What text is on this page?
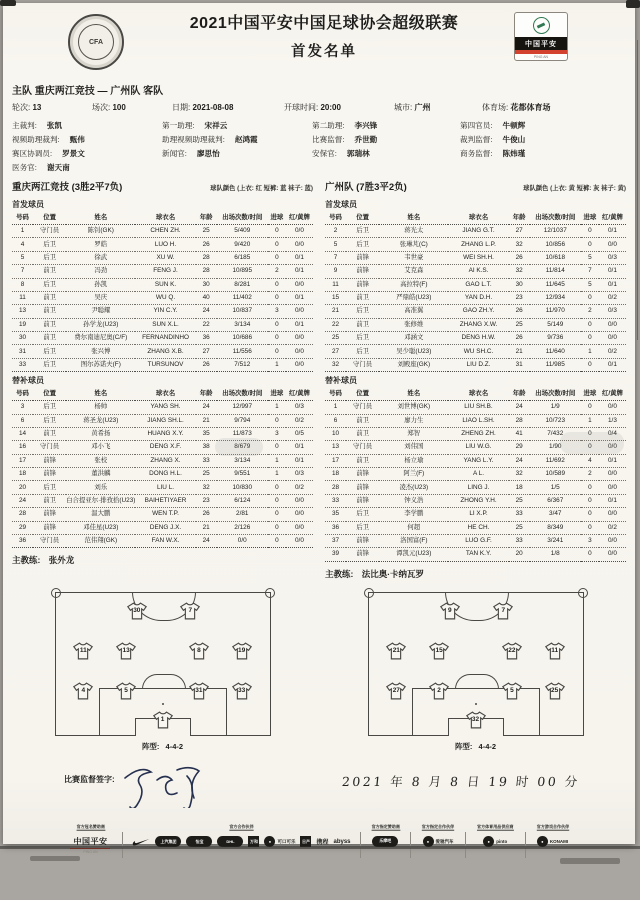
CFA
2021中国平安中国足球协会超级联赛
首发名单	中国平安
PING AN
主队 重庆两江竞技 — 广州队 客队
轮次: 13	场次: 100	日期: 2021-08-08	开球时间: 20:00	城市: 广州	体育场: 花都体育场
主裁判: 张凯
视频助理裁判: 甄伟
赛区协调员: 罗景文
医务官: 谢天南
第一助理: 宋祥云
助理视频助理裁判: 赵鸿霞
新闻官: 廖思怡
第二助理: 李兴锋
比赛监督: 乔世勤
安保官: 郭瑞林
第四官员: 牛顿辉
裁判监督: 牛俊山
商务监督: 陈炜瑾
重庆两江竞技 (3胜2平7负)	球队颜色 (上衣: 红 短裤: 蓝 袜子: 蓝)
首发球员
号码	位置	姓名	球衣名	年龄	出场次数/时间	进球	红/黄牌
1	守门员	陈钊(GK)	CHEN ZH.	25	5/409	0	0/0
4	后卫	罗皓	LUO H.	26	9/420	0	0/0
5	后卫	徐武	XU W.	28	6/185	0	0/1
7	前卫	冯劲	FENG J.	28	10/895	2	0/1
8	后卫	孙凯	SUN K.	30	8/281	0	0/0
11	前卫	吴庆	WU Q.	40	11/402	0	0/1
13	前卫	尹聪耀	YIN C.Y.	24	10/837	3	0/0
19	前卫	孙学龙(U23)	SUN X.L.	22	3/134	0	0/1
30	前卫	费尔南迪尼奥(C/F)	FERNANDINHO	36	10/686	0	0/0
31	后卫	张兴博	ZHANG X.B.	27	11/556	0	0/0
33	后卫	图尔苏诺夫(F)	TURSUNOV	26	7/512	1	0/0
替补球员
号码	位置	姓名	球衣名	年龄	出场次数/时间	进球	红/黄牌
3	后卫	杨帅	YANG SH.	24	12/997	1	0/3
6	后卫	蒋圣龙(U23)	JIANG SH.L.	21	9/794	0	0/2
14	前卫	黄希扬	HUANG X.Y.	35	11/873	3	0/5
16	守门员	邓小飞	DENG X.F.	38	8/679	0	0/1
17	前锋	张校	ZHANG X.	33	3/134	1	0/1
18	前锋	董洪麟	DONG H.L.	25	9/551	1	0/3
20	后卫	刘乐	LIU L.	32	10/830	0	0/2
24	前卫	白合提亚尔·排孜拾(U23)	BAIHETIYAER	23	6/124	0	0/0
28	前锋	温大鹏	WEN T.P.	26	2/81	0	0/0
29	前锋	邓佳星(U23)	DENG J.X.	21	2/126	0	0/0
36	守门员	范伟翔(GK)	FAN W.X.	24	0/0	0	0/0
主教练: 张外龙
广州队 (7胜3平2负)	球队颜色 (上衣: 黄 短裤: 灰 袜子: 黄)
首发球员
号码	位置	姓名	球衣名	年龄	出场次数/时间	进球	红/黄牌
2	后卫	蒋光太	JIANG G.T.	27	12/1037	0	0/1
5	后卫	张琳芃(C)	ZHANG L.P.	32	10/856	0	0/0
7	前锋	韦世豪	WEI SH.H.	26	10/618	5	0/3
9	前锋	艾克森	AI K.S.	32	11/814	7	0/1
11	前锋	高拉特(F)	GAO L.T.	30	11/645	5	0/1
15	前卫	严鼎皓(U23)	YAN D.H.	23	12/934	0	0/2
21	后卫	高准翼	GAO ZH.Y.	26	11/970	2	0/3
22	前卫	张修维	ZHANG X.W.	25	5/149	0	0/0
25	后卫	邓涵文	DENG H.W.	26	9/736	0	0/0
27	后卫	吴少聪(U23)	WU SH.C.	21	11/640	1	0/2
32	守门员	刘殿座(GK)	LIU D.Z.	31	11/985	0	0/1
替补球员
号码	位置	姓名	球衣名	年龄	出场次数/时间	进球	红/黄牌
1	守门员	刘世博(GK)	LIU SH.B.	24	1/9	0	0/0
6	前卫	廖力生	LIAO L.SH.	28	10/723	1	1/3
10	前卫	郑智	ZHENG ZH.	41	7/432	0	0/4
13	守门员	刘伟国	LIU W.G.	29	1/90	0	0/0
17	前卫	杨立瑜	YANG L.Y.	24	11/692	4	0/1
18	前锋	阿兰(F)	A L.	32	10/589	2	0/0
28	前锋	凌杰(U23)	LING J.	18	1/5	0	0/0
33	前锋	钟义浩	ZHONG Y.H.	25	6/367	0	0/1
35	后卫	李学鹏	LI X.P.	33	3/47	0	0/0
36	后卫	何超	HE CH.	25	8/349	0	0/2
37	前锋	洛国富(F)	LUO G.F.	33	3/241	3	0/0
39	前锋	谭凯元(U23)	TAN K.Y.	20	1/8	0	0/0
主教练: 法比奥·卡纳瓦罗
30	7
11	13	8	19
4	5	31	33
1
阵型: 4-4-2
9	7
21	15	22	11
27	2	5	25
32
阵型: 4-4-2
比赛监督签字:	2021 年 8 月 8 日 19 时 00 分
官方冠名赞助商
中国平安
PING AN
官方合作伙伴
上汽集团	怡宝	DHL	万和	●	可口可乐	日产 携程 abyss
官方指定赞助商
乐摩吧
官方指定合作伙伴
●	爱驰汽车
官方体育用品供应商
●	pinto
官方游戏合作伙伴
●	KONAMI
